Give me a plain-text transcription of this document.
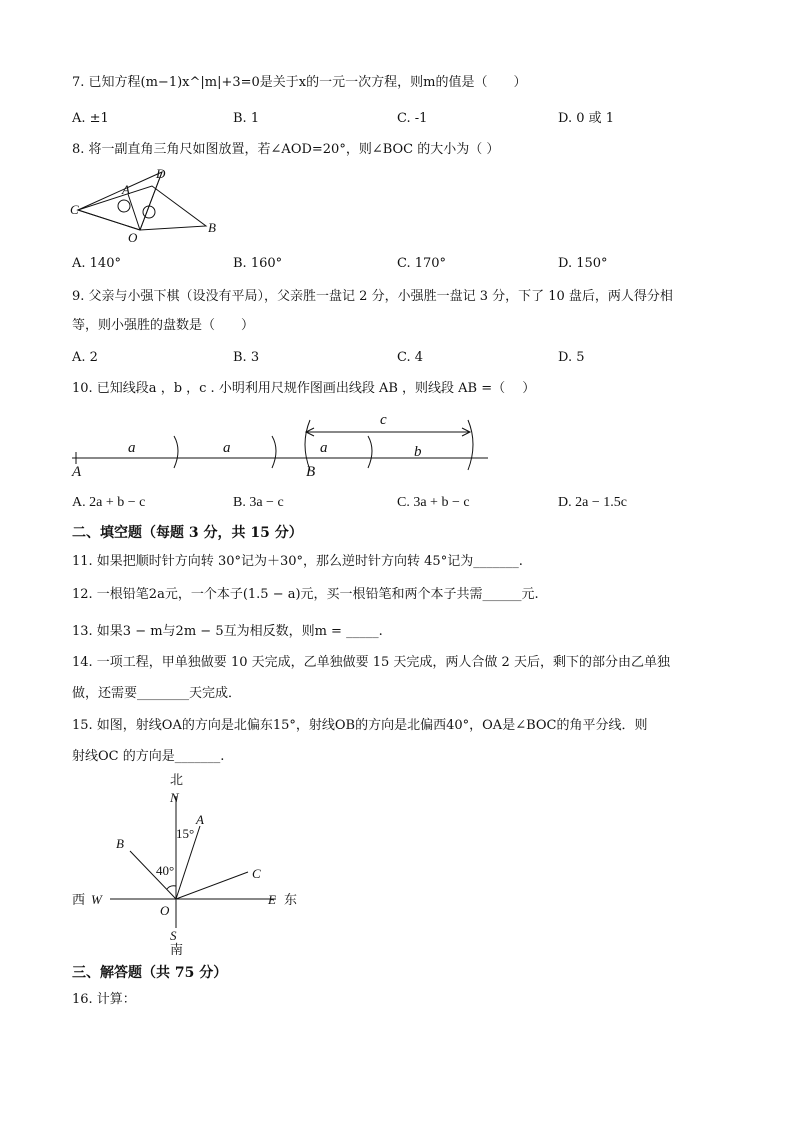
7. 已知方程(m−1)x^|m|+3=0是关于x的一元一次方程，则m的值是（　　）
A. ±1	B. 1	C. -1	D. 0 或 1
8. 将一副直角三角尺如图放置，若∠AOD=20°，则∠BOC 的大小为（ ）
C
A
D
O
B
A. 140°	B. 160°	C. 170°	D. 150°
9. 父亲与小强下棋（设没有平局），父亲胜一盘记 2 分，小强胜一盘记 3 分，下了 10 盘后，两人得分相
等，则小强胜的盘数是（　　）
A. 2	B. 3	C. 4	D. 5
10. 已知线段a ，b ，c . 小明利用尺规作图画出线段 AB ，则线段 AB =（　 ）
a	a	a	b
c
A	B
A. 2a + b − c	B. 3a − c	C. 3a + b − c	D. 2a − 1.5c
二、填空题（每题 3 分，共 15 分）
11. 如果把顺时针方向转 30°记为＋30°，那么逆时针方向转 45°记为_______.
12. 一根铅笔2a元，一个本子(1.5 − a)元，买一根铅笔和两个本子共需______元.
13. 如果3 − m与2m − 5互为相反数，则m = _____.
14. 一项工程，甲单独做要 10 天完成，乙单独做要 15 天完成，两人合做 2 天后，剩下的部分由乙单独
做，还需要________天完成．
15. 如图，射线OA的方向是北偏东15°，射线OB的方向是北偏西40°，OA是∠BOC的角平分线．则
射线OC 的方向是_______.
北
N
A
15°
B
40°	C
西 W
O
E 东
S
南
三、解答题（共 75 分）
16. 计算：
